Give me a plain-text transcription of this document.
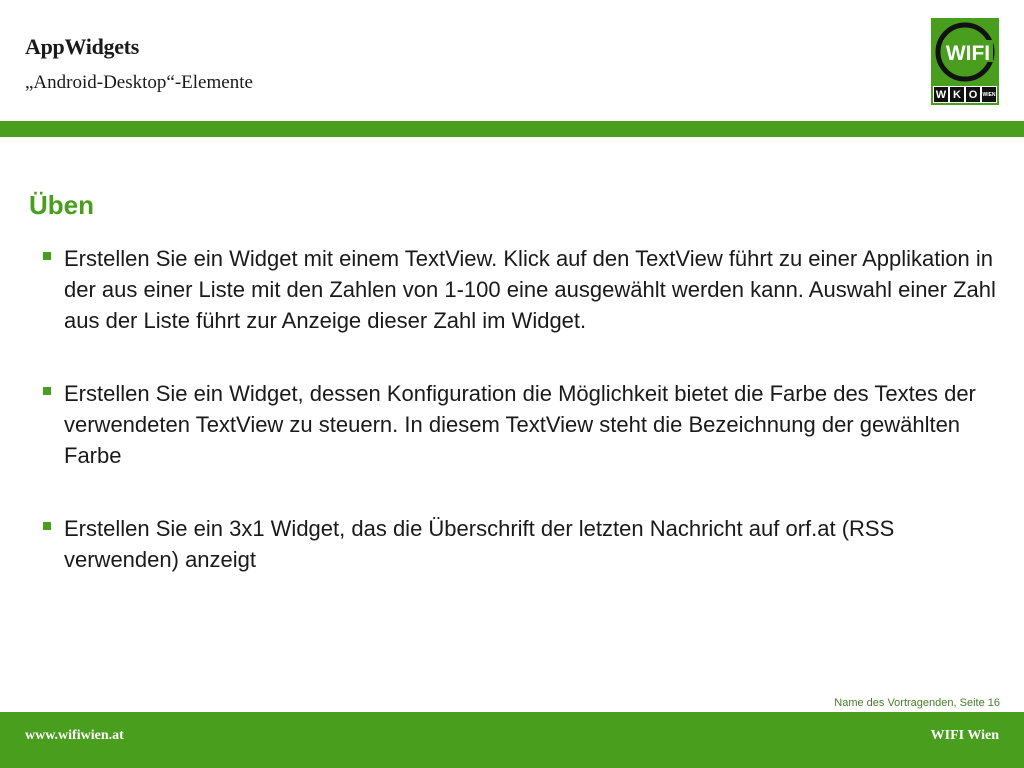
AppWidgets
„Android-Desktop“-Elemente
WIFI
W K O	WIEN
Üben
Erstellen Sie ein Widget mit einem TextView. Klick auf den TextView führt zu einer Applikation in der aus einer Liste mit den Zahlen von 1-100 eine ausgewählt werden kann. Auswahl einer Zahl aus der Liste führt zur Anzeige dieser Zahl im Widget.
Erstellen Sie ein Widget, dessen Konfiguration die Möglichkeit bietet die Farbe des Textes der verwendeten TextView zu steuern. In diesem TextView steht die Bezeichnung der gewählten Farbe
Erstellen Sie ein 3x1 Widget, das die Überschrift der letzten Nachricht auf orf.at (RSS verwenden) anzeigt
Name des Vortragenden, Seite 16
www.wifiwien.at	WIFI Wien
